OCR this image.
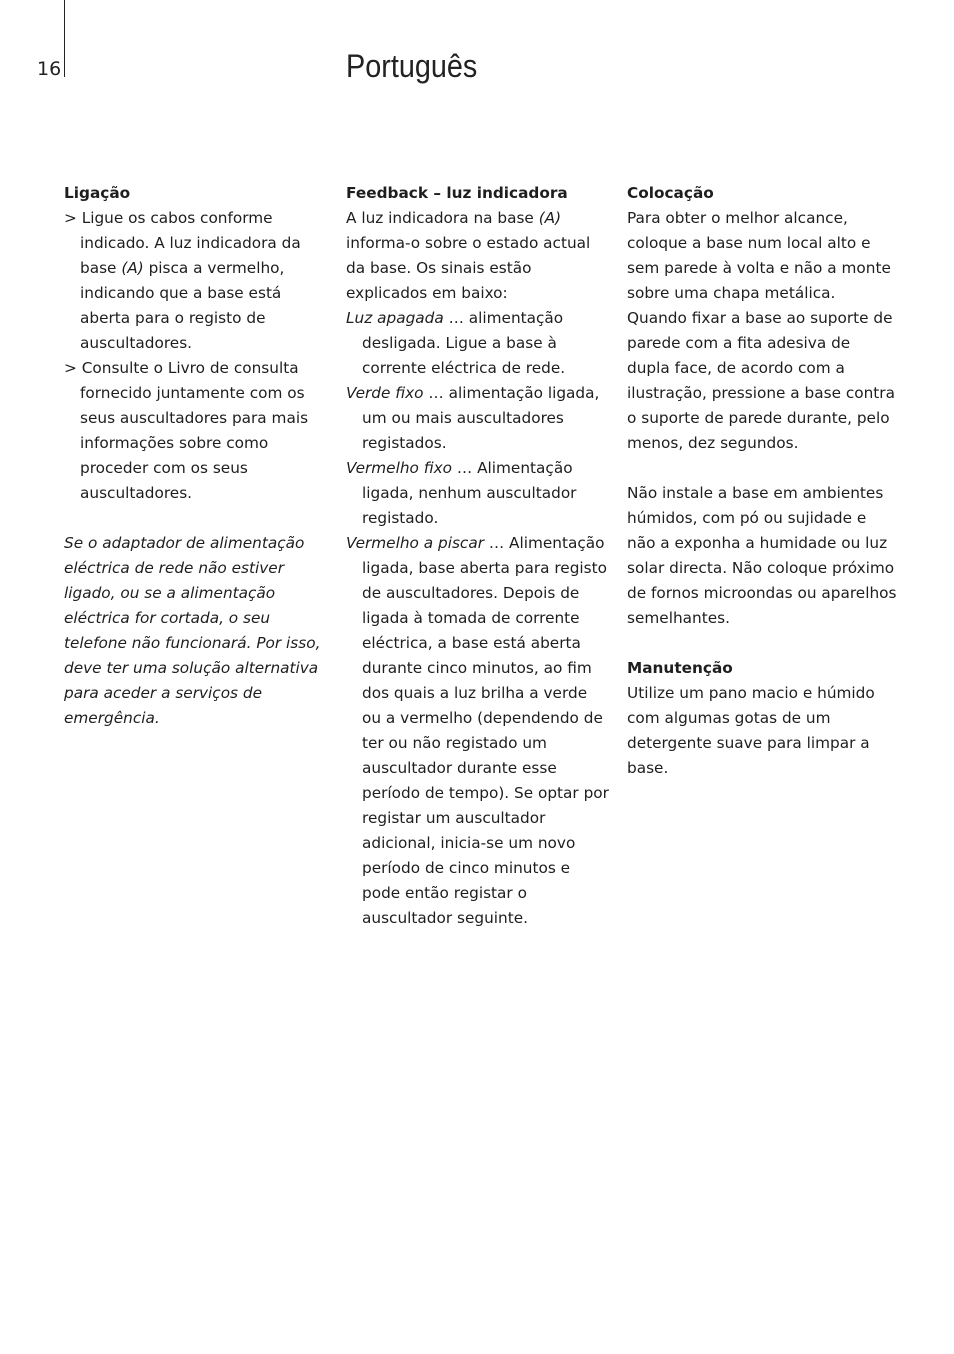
16	Português
Ligação

> Ligue os cabos conforme indicado. A luz indicadora da base (A) pisca a vermelho, indicando que a base está aberta para o registo de auscultadores.

> Consulte o Livro de consulta fornecido juntamente com os seus auscultadores para mais informações sobre como proceder com os seus auscultadores.

Se o adaptador de alimentação eléctrica de rede não estiver ligado, ou se a alimentação eléctrica for cortada, o seu telefone não funcionará. Por isso, deve ter uma solução alternativa para aceder a serviços de emergência.

Feedback – luz indicadora

A luz indicadora na base (A) informa-o sobre o estado actual da base. Os sinais estão explicados em baixo:

Luz apagada … alimentação desligada. Ligue a base à corrente eléctrica de rede.

Verde fixo … alimentação ligada, um ou mais auscultadores registados.

Vermelho fixo … Alimentação ligada, nenhum auscultador registado.

Vermelho a piscar … Alimentação ligada, base aberta para registo de auscultadores. Depois de ligada à tomada de corrente eléctrica, a base está aberta durante cinco minutos, ao fim dos quais a luz brilha a verde ou a vermelho (dependendo de ter ou não registado um auscultador durante esse período de tempo). Se optar por registar um auscultador adicional, inicia-se um novo período de cinco minutos e pode então registar o auscultador seguinte.

Colocação

Para obter o melhor alcance, coloque a base num local alto e sem parede à volta e não a monte sobre uma chapa metálica. Quando fixar a base ao suporte de parede com a fita adesiva de dupla face, de acordo com a ilustração, pressione a base contra o suporte de parede durante, pelo menos, dez segundos.

Não instale a base em ambientes húmidos, com pó ou sujidade e não a exponha a humidade ou luz solar directa. Não coloque próximo de fornos microondas ou aparelhos semelhantes.

Manutenção

Utilize um pano macio e húmido com algumas gotas de um detergente suave para limpar a base.
